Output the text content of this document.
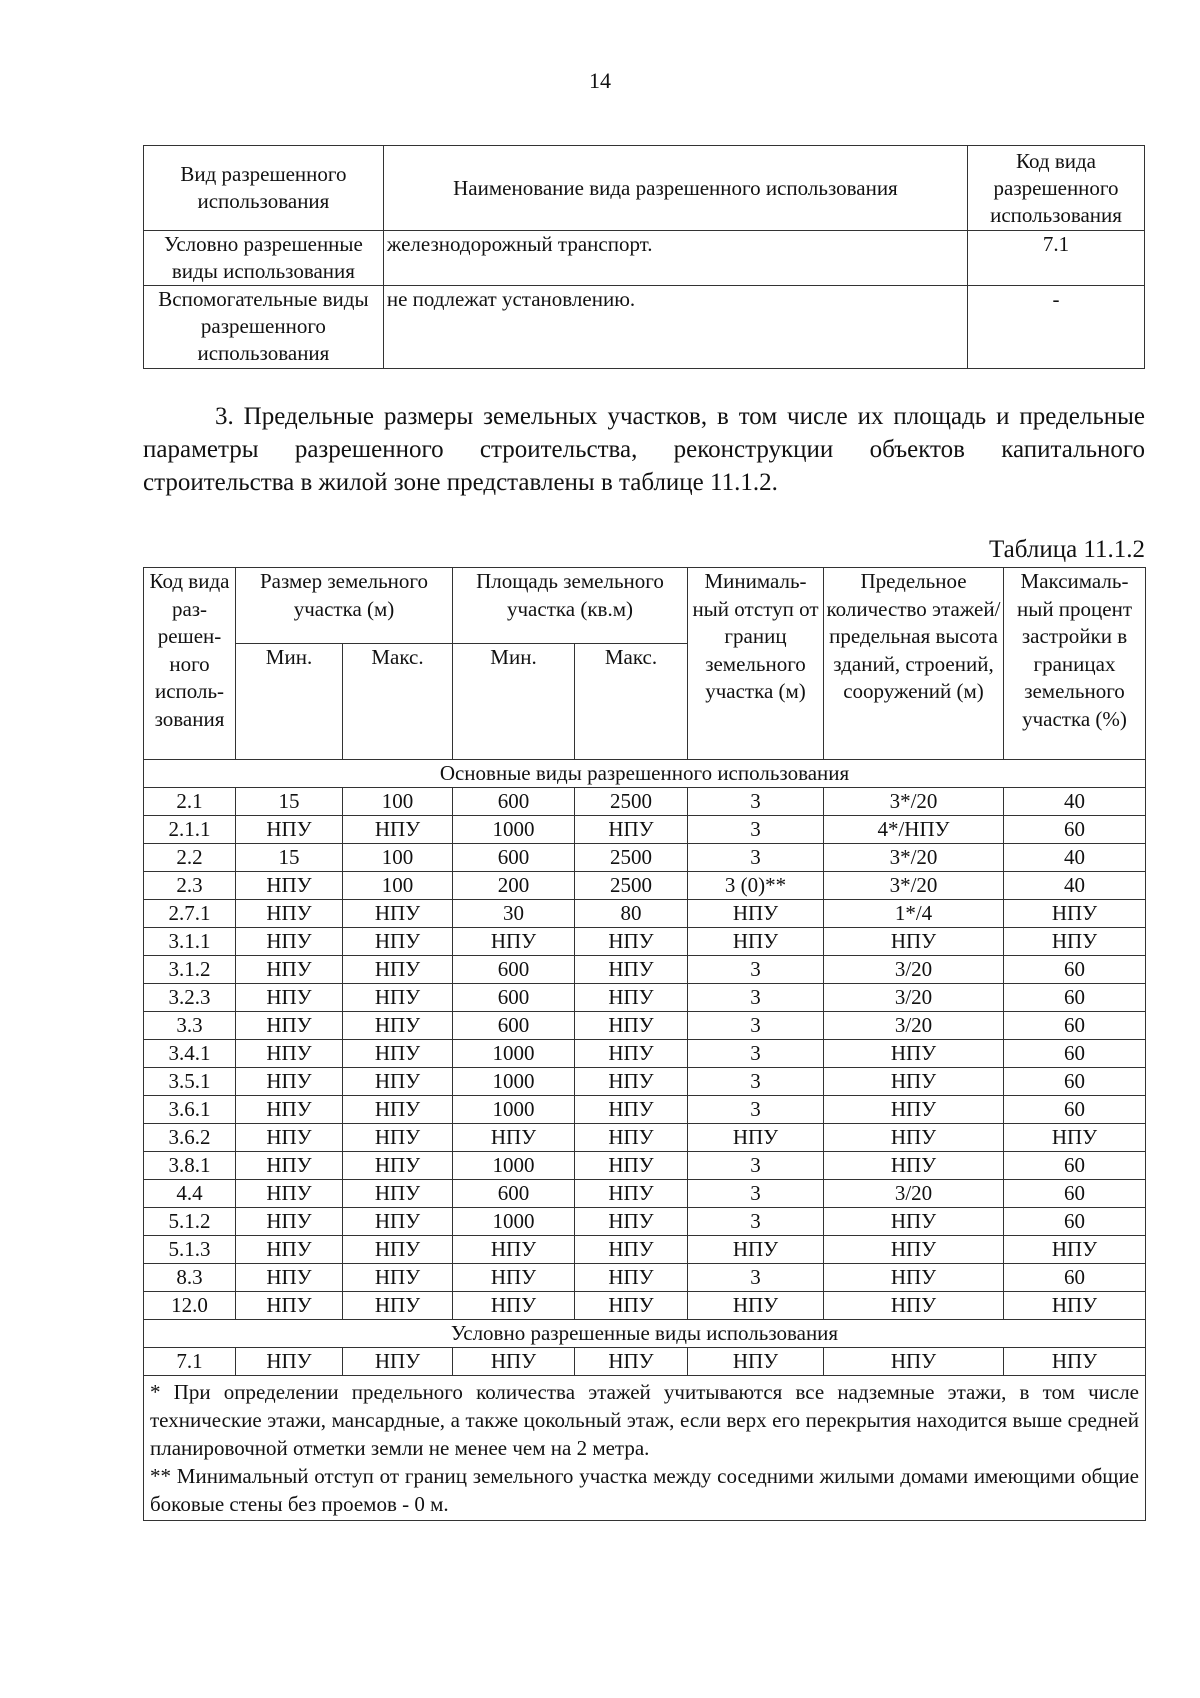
14
Вид разрешенного использования	Наименование вида разрешенного использования	Код вида разрешенного использования
Условно разрешенные виды использования	железнодорожный транспорт.	7.1
Вспомогательные виды разрешенного использования	не подлежат установлению.	-

3. Предельные размеры земельных участков, в том числе их площадь и предельные параметры разрешенного строительства, реконструкции объектов капитального строительства в жилой зоне представлены в таблице 11.1.2.

Таблица 11.1.2
Код вида раз-решен-ного исполь-зования	Размер земельного участка (м)		Площадь земельного участка (кв.м)		Минималь-ный отступ от границ земельного участка (м)	Предельное количество этажей/ предельная высота зданий, строений, сооружений (м)	Максималь-ный процент застройки в границах земельного участка (%)
	Мин.	Макс.	Мин.	Макс.			
Основные виды разрешенного использования							
2.1	15	100	600	2500	3	3*/20	40
2.1.1	НПУ	НПУ	1000	НПУ	3	4*/НПУ	60
2.2	15	100	600	2500	3	3*/20	40
2.3	НПУ	100	200	2500	3 (0)**	3*/20	40
2.7.1	НПУ	НПУ	30	80	НПУ	1*/4	НПУ
3.1.1	НПУ	НПУ	НПУ	НПУ	НПУ	НПУ	НПУ
3.1.2	НПУ	НПУ	600	НПУ	3	3/20	60
3.2.3	НПУ	НПУ	600	НПУ	3	3/20	60
3.3	НПУ	НПУ	600	НПУ	3	3/20	60
3.4.1	НПУ	НПУ	1000	НПУ	3	НПУ	60
3.5.1	НПУ	НПУ	1000	НПУ	3	НПУ	60
3.6.1	НПУ	НПУ	1000	НПУ	3	НПУ	60
3.6.2	НПУ	НПУ	НПУ	НПУ	НПУ	НПУ	НПУ
3.8.1	НПУ	НПУ	1000	НПУ	3	НПУ	60
4.4	НПУ	НПУ	600	НПУ	3	3/20	60
5.1.2	НПУ	НПУ	1000	НПУ	3	НПУ	60
5.1.3	НПУ	НПУ	НПУ	НПУ	НПУ	НПУ	НПУ
8.3	НПУ	НПУ	НПУ	НПУ	3	НПУ	60
12.0	НПУ	НПУ	НПУ	НПУ	НПУ	НПУ	НПУ
Условно разрешенные виды использования							
7.1	НПУ	НПУ	НПУ	НПУ	НПУ	НПУ	НПУ

* При определении предельного количества этажей учитываются все надземные этажи, в том числе технические этажи, мансардные, а также цокольный этаж, если верх его перекрытия находится выше средней планировочной отметки земли не менее чем на 2 метра.
** Минимальный отступ от границ земельного участка между соседними жилыми домами имеющими общие боковые стены без проемов - 0 м.							
